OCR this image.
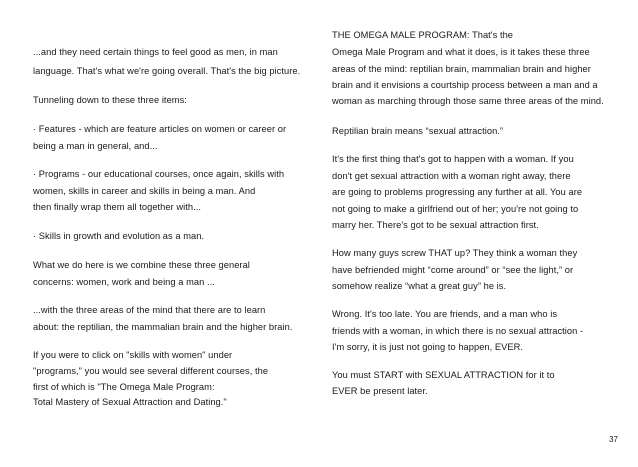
...and they need certain things to feel good as men, in man

language. That's what we're going overall. That's the big picture.

Tunneling down to these three items:

· Features - which are feature articles on women or career or

being a man in general, and...

· Programs - our educational courses, once again, skills with

women, skills in career and skills in being a man. And

then finally wrap them all together with...

· Skills in growth and evolution as a man.

What we do here is we combine these three general

concerns: women, work and being a man ...

...with the three areas of the mind that there are to learn

about: the reptilian, the mammalian brain and the higher brain.

If you were to click on "skills with women" under

"programs," you would see several different courses, the

first of which is "The Omega Male Program:

Total Mastery of Sexual Attraction and Dating."

THE OMEGA MALE PROGRAM: That's the

Omega Male Program and what it does, is it takes these three

areas of the mind: reptilian brain, mammalian brain and higher

brain and it envisions a courtship process between a man and a

woman as marching through those same three areas of the mind.

Reptilian brain means “sexual attraction.”

It's the first thing that's got to happen with a woman. If you

don't get sexual attraction with a woman right away, there

are going to problems progressing any further at all. You are

not going to make a girlfriend out of her; you're not going to

marry her. There's got to be sexual attraction first.

How many guys screw THAT up? They think a woman they

have befriended might “come around” or “see the light,” or

somehow realize “what a great guy” he is.

Wrong. It's too late. You are friends, and a man who is

friends with a woman, in which there is no sexual attraction -

I'm sorry, it is just not going to happen, EVER.

You must START with SEXUAL ATTRACTION for it to

EVER be present later.

37
